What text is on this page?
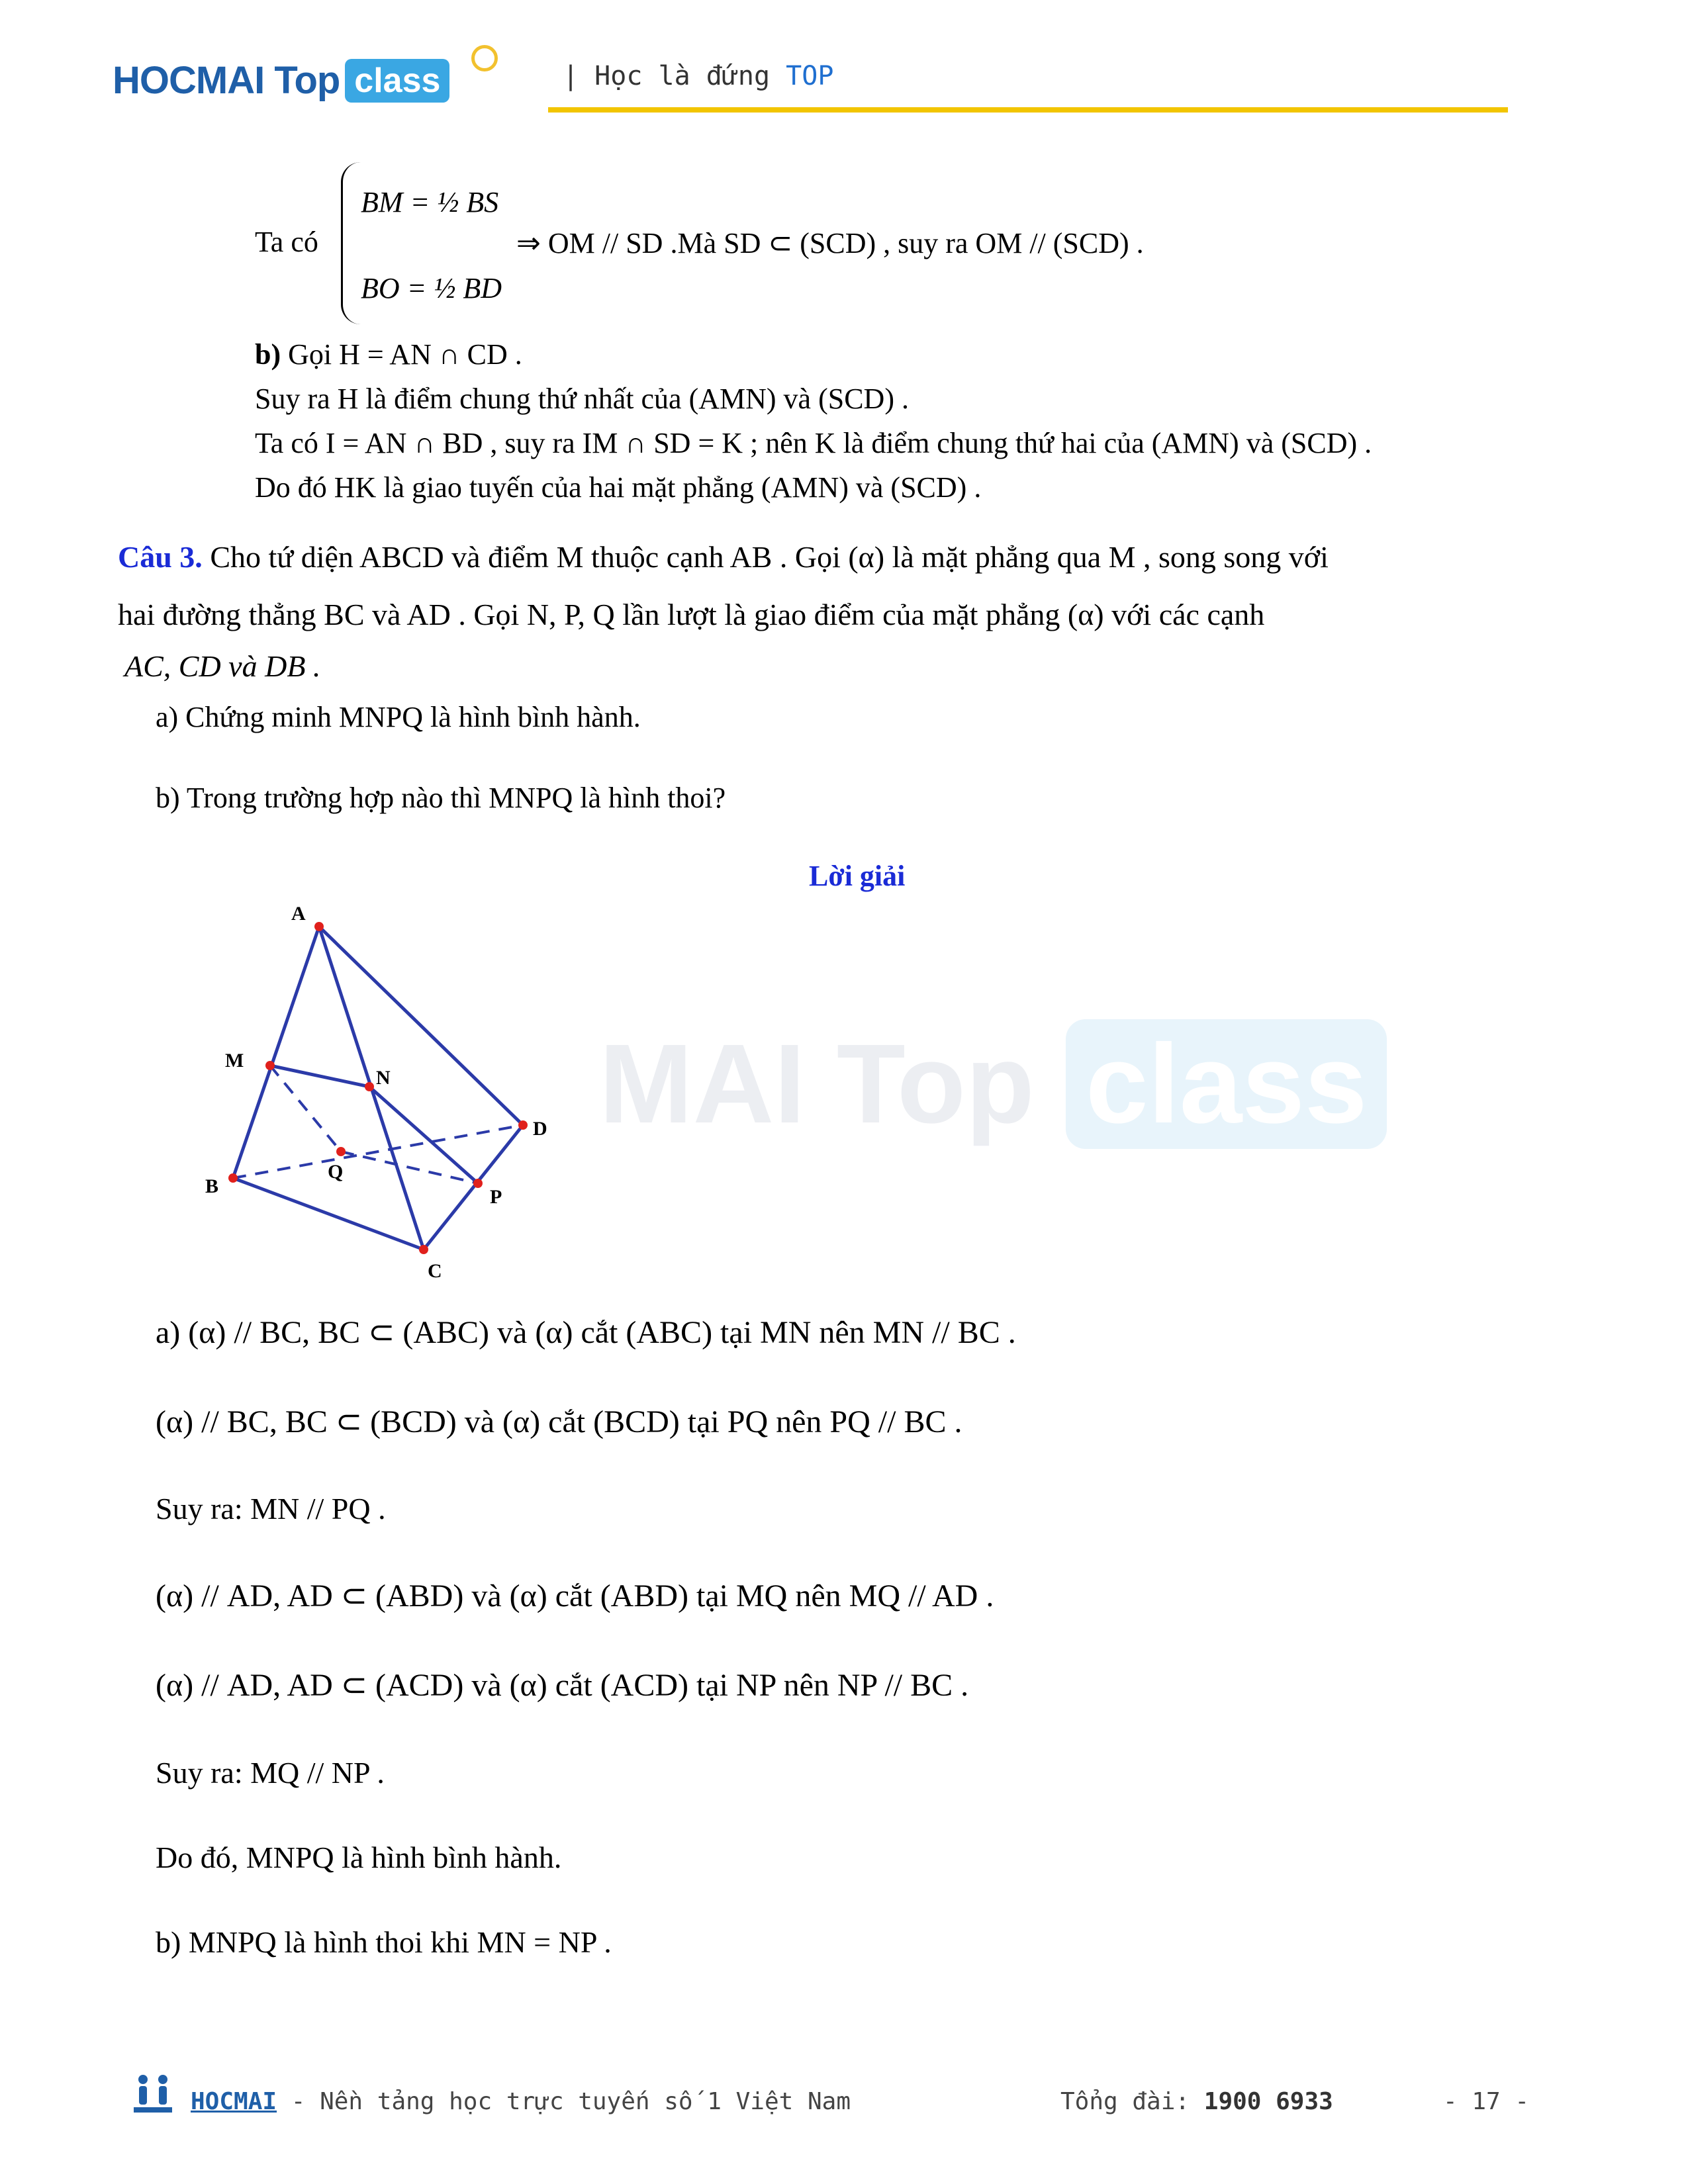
HOCMAI Top class	| Học là đứng TOP
MAI Top class
Ta có
BM = ½ BS
BO = ½ BD
⇒ OM // SD .Mà SD ⊂ (SCD) , suy ra OM // (SCD) .
b) Gọi H = AN ∩ CD .
Suy ra H là điểm chung thứ nhất của (AMN) và (SCD) .
Ta có I = AN ∩ BD , suy ra IM ∩ SD = K ; nên K là điểm chung thứ hai của (AMN) và (SCD) .
Do đó HK là giao tuyến của hai mặt phẳng (AMN) và (SCD) .
Câu 3. Cho tứ diện ABCD và điểm M thuộc cạnh AB . Gọi (α) là mặt phẳng qua M , song song với
hai đường thẳng BC và AD . Gọi N, P, Q lần lượt là giao điểm của mặt phẳng (α) với các cạnh
AC, CD và DB .
a) Chứng minh MNPQ là hình bình hành.
b) Trong trường hợp nào thì MNPQ là hình thoi?
Lời giải
A
M
N
D
B
Q
P
C
a) (α) // BC, BC ⊂ (ABC) và (α) cắt (ABC) tại MN nên MN // BC .
(α) // BC, BC ⊂ (BCD) và (α) cắt (BCD) tại PQ nên PQ // BC .
Suy ra: MN // PQ .
(α) // AD, AD ⊂ (ABD) và (α) cắt (ABD) tại MQ nên MQ // AD .
(α) // AD, AD ⊂ (ACD) và (α) cắt (ACD) tại NP nên NP // BC .
Suy ra: MQ // NP .
Do đó, MNPQ là hình bình hành.
b) MNPQ là hình thoi khi MN = NP .
HOCMAI - Nền tảng học trực tuyến số 1 Việt Nam	Tổng đài: 1900 6933	- 17 -
